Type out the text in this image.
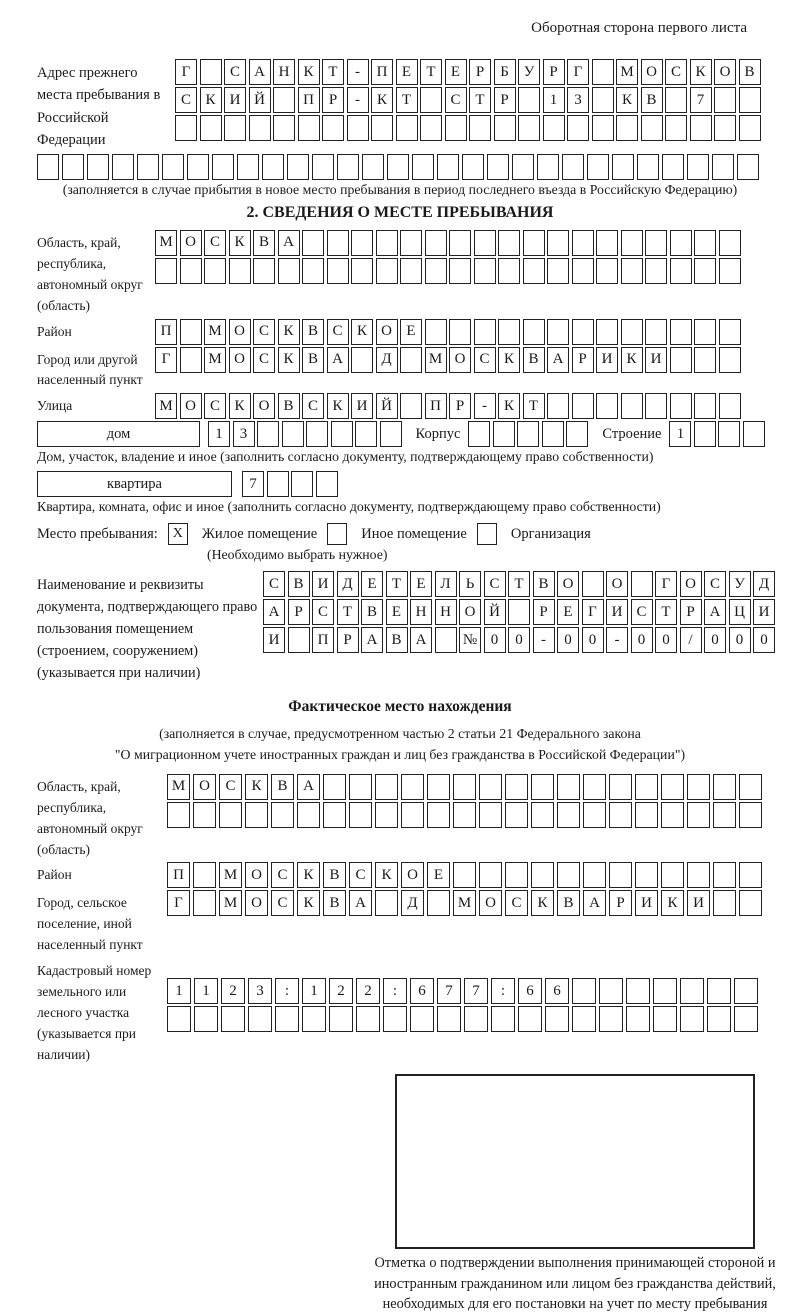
Оборотная сторона первого листа
Адрес прежнего места пребывания в Российской Федерации
Г	С А Н К Т	-	П Е	Т	Е	Р	Б У	Р	Г	М О С К О В
С К И Й	П Р	-	К Т	С Т	Р	1	3	К В	7
(заполняется в случае прибытия в новое место пребывания в период последнего въезда в Российскую Федерацию)
2. СВЕДЕНИЯ О МЕСТЕ ПРЕБЫВАНИЯ
Область, край, республика, автономный округ (область)
М О С К В А
Район	П	М О С К В С К О Е
Город или другой населенный пункт
Г	М О С К В А	Д	М О С К В А Р И К И
Улица	М О С К О В С К И Й	П Р	-	К Т
дом	1	3	Корпус	Строение	1
Дом, участок, владение и иное (заполнить согласно документу, подтверждающему право собственности)
квартира	7
Квартира, комната, офис и иное (заполнить согласно документу, подтверждающему право собственности)
Место пребывания:	X	Жилое помещение	Иное помещение	Организация
(Необходимо выбрать нужное)
Наименование и реквизиты документа, подтверждающего право пользования помещением (строением, сооружением) (указывается при наличии)
С В И Д Е	Т	Е Л	Ь	С Т В О	О	Г О С У Д
А Р	С Т В Е Н Н О Й	Р	Е	Г И С Т	Р А Ц И
И	П Р А В А	№ 0	0	-	0	0	-	0	0	/	0	0	0
Фактическое место нахождения
(заполняется в случае, предусмотренном частью 2 статьи 21 Федерального закона
"О миграционном учете иностранных граждан и лиц без гражданства в Российской Федерации")
Область, край, республика, автономный округ (область)
М О	С	К	В	А
Район	П	М О	С	К	В	С	К	О	Е
Город, сельское поселение, иной населенный пункт
Г	М О	С	К	В	А	Д	М О	С	К	В	А	Р	И	К	И
Кадастровый номер земельного или лесного участка (указывается при наличии)
1	1	2	3	:	1	2	2	:	6	7	7	:	6	6
Отметка о подтверждении выполнения принимающей стороной и иностранным гражданином или лицом без гражданства действий, необходимых для его постановки на учет по месту пребывания
